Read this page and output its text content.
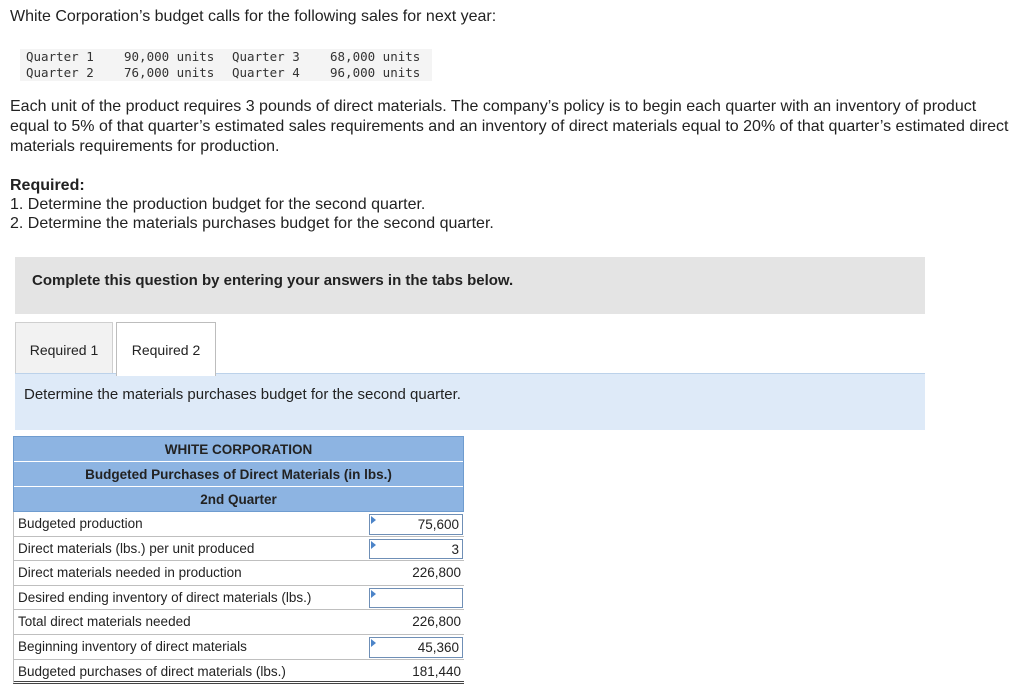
White Corporation’s budget calls for the following sales for next year:
Quarter 1	90,000 units	Quarter 3	68,000 units
Quarter 2	76,000 units	Quarter 4	96,000 units
Each unit of the product requires 3 pounds of direct materials. The company’s policy is to begin each quarter with an inventory of product equal to 5% of that quarter’s estimated sales requirements and an inventory of direct materials equal to 20% of that quarter’s estimated direct materials requirements for production.
Required:
1. Determine the production budget for the second quarter.
2. Determine the materials purchases budget for the second quarter.
Complete this question by entering your answers in the tabs below.
Required 1	Required 2
Determine the materials purchases budget for the second quarter.
WHITE CORPORATION
Budgeted Purchases of Direct Materials (in lbs.)
2nd Quarter
Budgeted production	75,600
Direct materials (lbs.) per unit produced	3
Direct materials needed in production	226,800
Desired ending inventory of direct materials (lbs.)
Total direct materials needed	226,800
Beginning inventory of direct materials	45,360
Budgeted purchases of direct materials (lbs.)	181,440
